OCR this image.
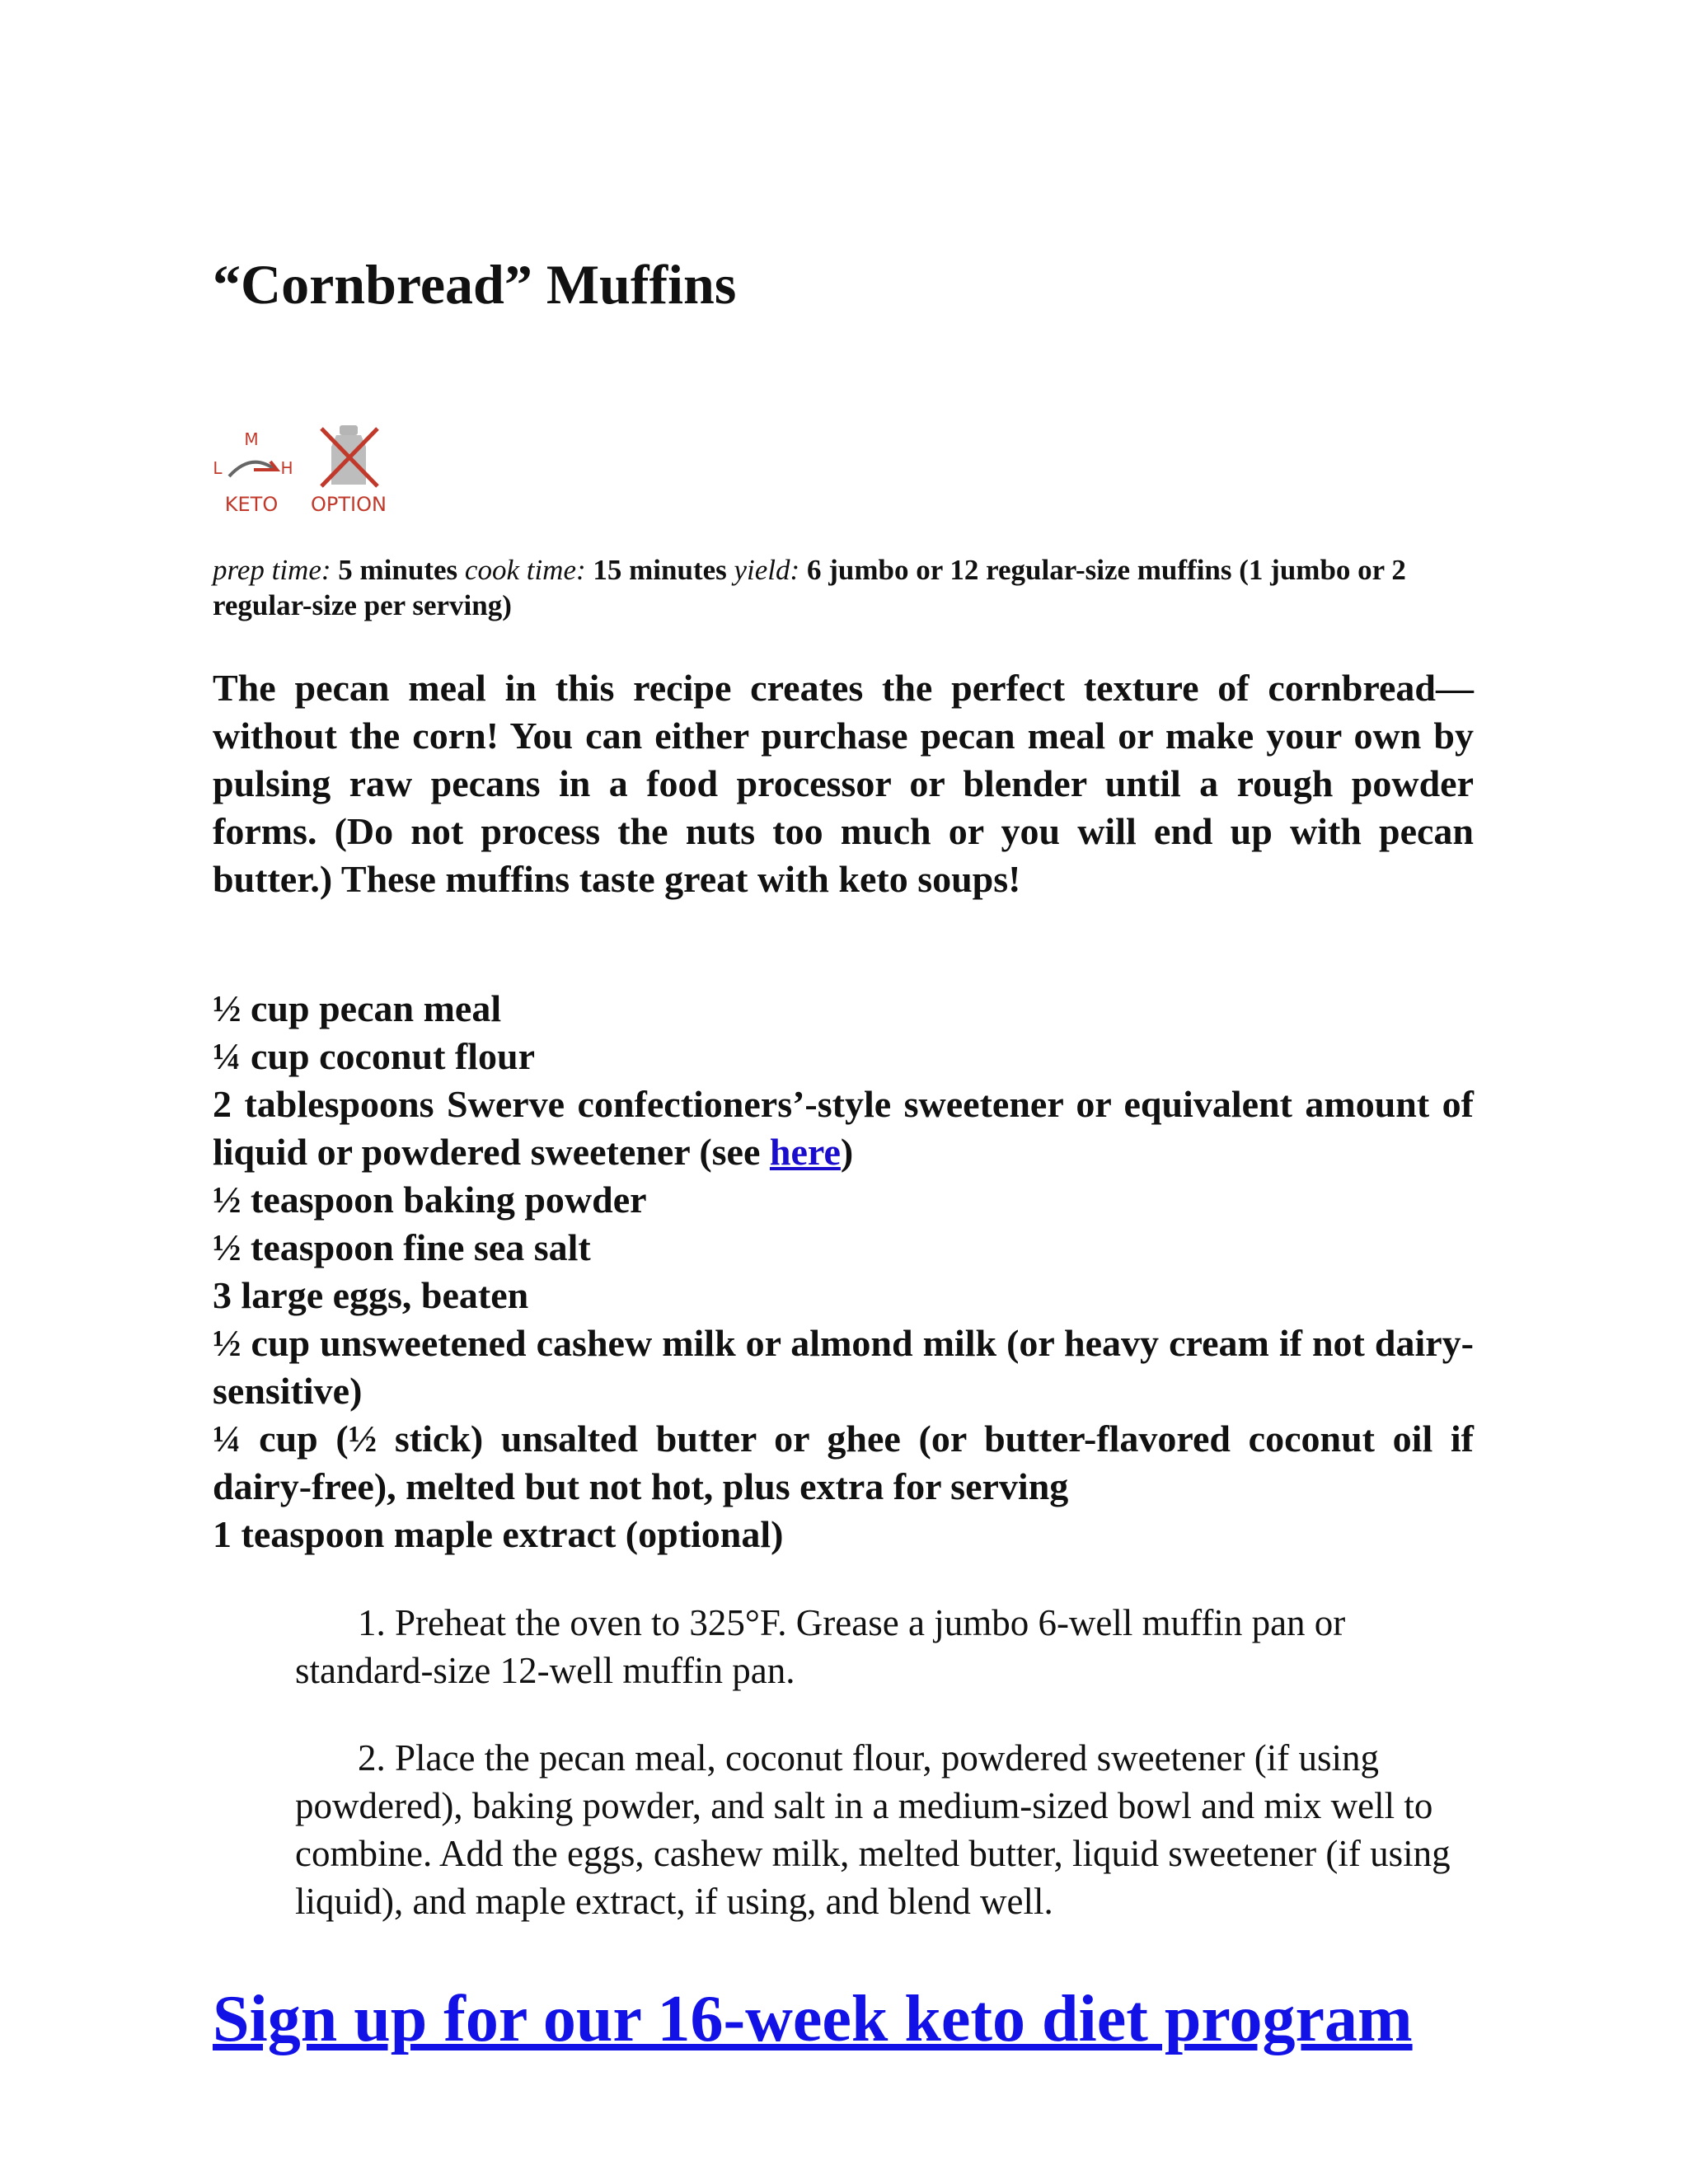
“Cornbread” Muffins
M
L	H
KETO	OPTION

prep time: 5 minutes cook time: 15 minutes yield: 6 jumbo or 12 regular-size muffins (1 jumbo or 2 regular-size per serving)

The pecan meal in this recipe creates the perfect texture of cornbread—without the corn! You can either purchase pecan meal or make your own by pulsing raw pecans in a food processor or blender until a rough powder forms. (Do not process the nuts too much or you will end up with pecan butter.) These muffins taste great with keto soups!

½ cup pecan meal
¼ cup coconut flour
2 tablespoons Swerve confectioners’-style sweetener or equivalent amount of liquid or powdered sweetener (see here)
½ teaspoon baking powder
½ teaspoon fine sea salt
3 large eggs, beaten
½ cup unsweetened cashew milk or almond milk (or heavy cream if not dairy-sensitive)
¼ cup (½ stick) unsalted butter or ghee (or butter-flavored coconut oil if dairy-free), melted but not hot, plus extra for serving
1 teaspoon maple extract (optional)
1. Preheat the oven to 325°F. Grease a jumbo 6-well muffin pan or standard-size 12-well muffin pan.
2. Place the pecan meal, coconut flour, powdered sweetener (if using powdered), baking powder, and salt in a medium-sized bowl and mix well to combine. Add the eggs, cashew milk, melted butter, liquid sweetener (if using liquid), and maple extract, if using, and blend well.
Sign up for our 16-week keto diet program
